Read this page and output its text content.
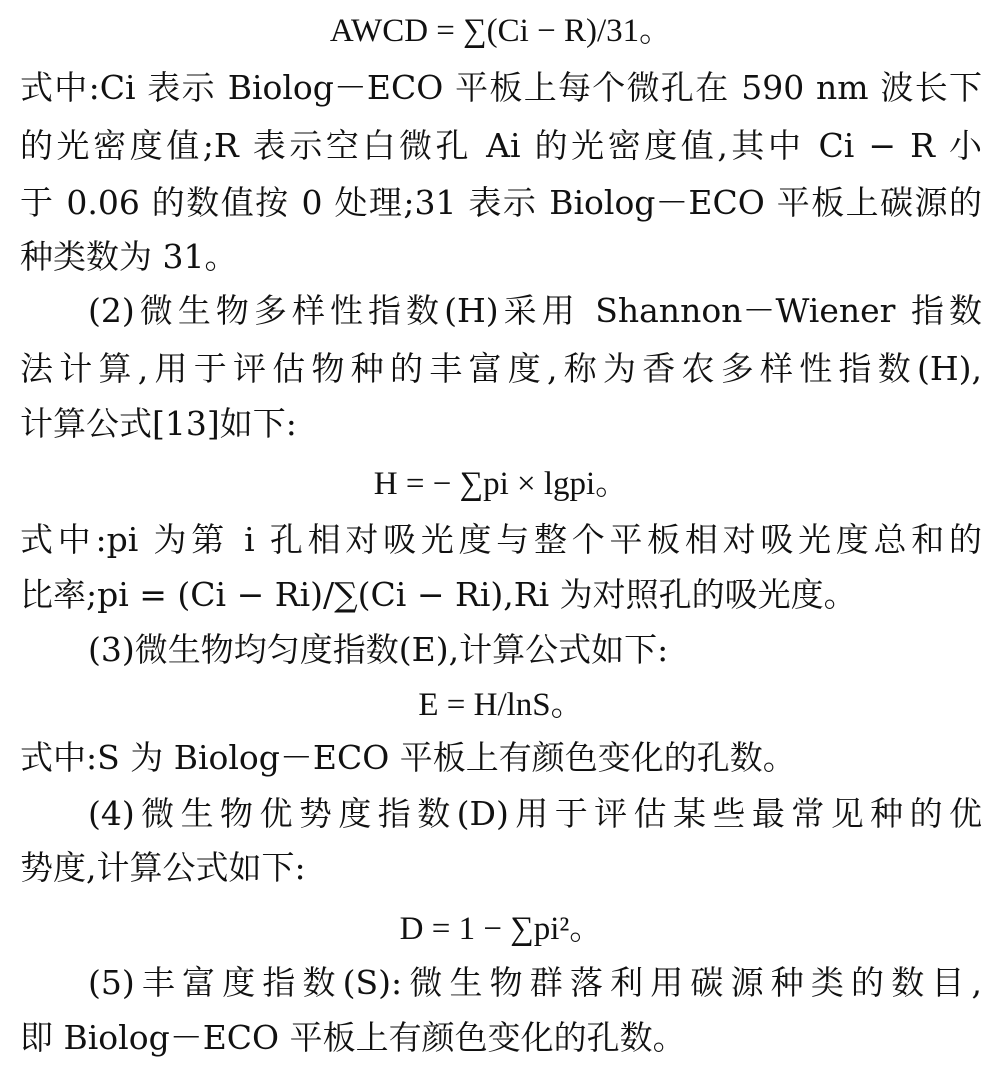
AWCD = ∑(Ci − R)/31。
式中:Ci 表示 Biolog－ECO 平板上每个微孔在 590 nm 波长下
的光密度值;R 表示空白微孔 Ai 的光密度值,其中 Ci − R 小
于 0.06 的数值按 0 处理;31 表示 Biolog－ECO 平板上碳源的
种类数为 31。
(2)微生物多样性指数(H)采用 Shannon－Wiener 指数
法计算,用于评估物种的丰富度,称为香农多样性指数(H),
计算公式[13]如下:
H = − ∑pi × lgpi。
式中:pi 为第 i 孔相对吸光度与整个平板相对吸光度总和的
比率;pi = (Ci − Ri)/∑(Ci − Ri),Ri 为对照孔的吸光度。
(3)微生物均匀度指数(E),计算公式如下:
E = H/lnS。
式中:S 为 Biolog－ECO 平板上有颜色变化的孔数。
(4)微生物优势度指数(D)用于评估某些最常见种的优
势度,计算公式如下:
D = 1 − ∑pi²。
(5)丰富度指数(S):微生物群落利用碳源种类的数目,
即 Biolog－ECO 平板上有颜色变化的孔数。
